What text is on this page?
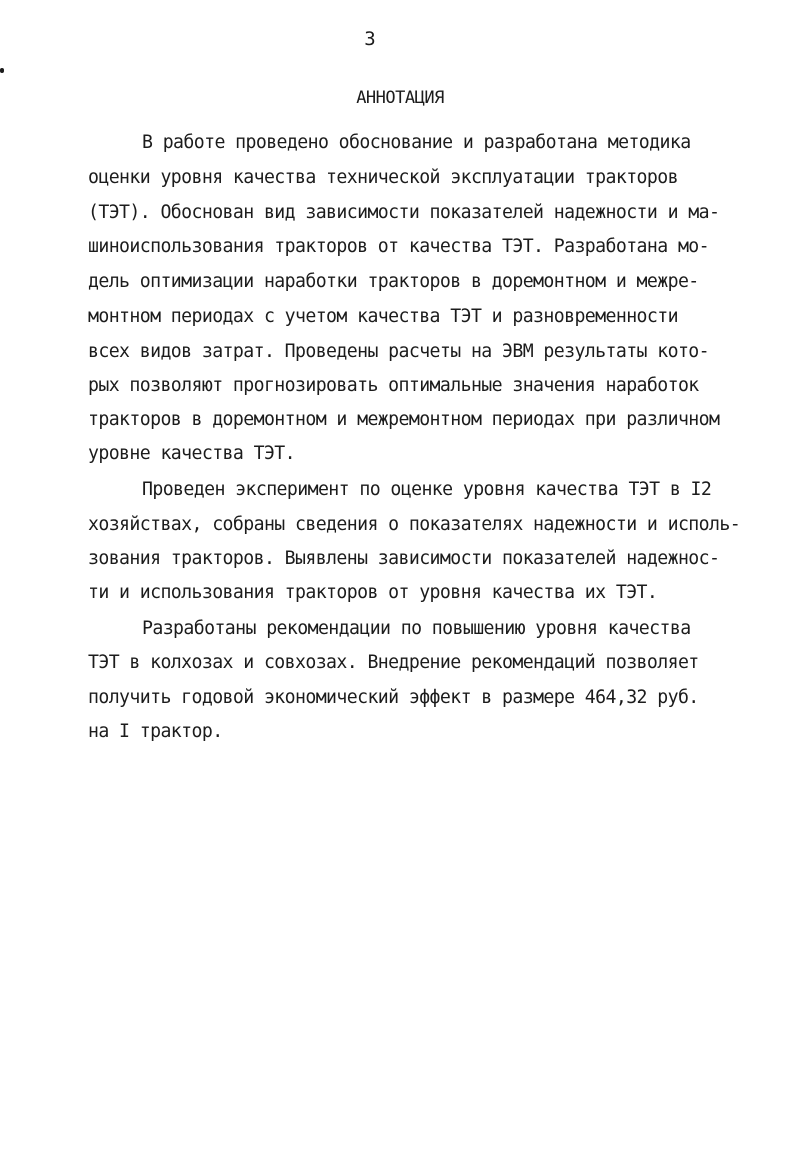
3
АННОТАЦИЯ
В работе проведено обоснование и разработана методика
оценки уровня качества технической эксплуатации тракторов
(ТЭТ). Обоснован вид зависимости показателей надежности и ма-
шиноиспользования тракторов от качества ТЭТ. Разработана мо-
дель оптимизации наработки тракторов в доремонтном и межре-
монтном периодах с учетом качества ТЭТ и разновременности
всех видов затрат. Проведены расчеты на ЭВМ результаты кото-
рых позволяют прогнозировать оптимальные значения наработок
тракторов в доремонтном и межремонтном периодах при различном
уровне качества ТЭТ.
Проведен эксперимент по оценке уровня качества ТЭТ в I2
хозяйствах, собраны сведения о показателях надежности и исполь-
зования тракторов. Выявлены зависимости показателей надежнос-
ти и использования тракторов от уровня качества их ТЭТ.
Разработаны рекомендации по повышению уровня качества
ТЭТ в колхозах и совхозах. Внедрение рекомендаций позволяет
получить годовой экономический эффект в размере 464,32 руб.
на I трактор.
